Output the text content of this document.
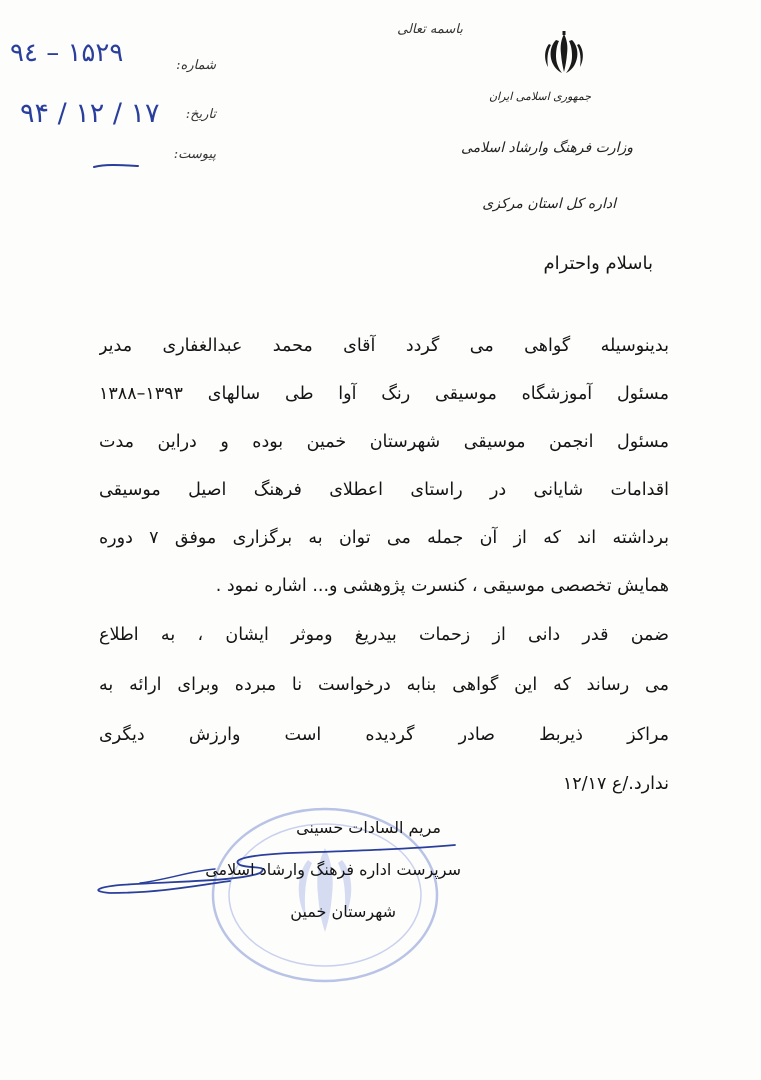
باسمه تعالی
جمهوری اسلامی ایران
وزارت فرهنگ وارشاد اسلامی
اداره کل استان مرکزی
شماره:
تاریخ:
پیوست:
۹٤ – ۱۵۲۹
۹۴ / ۱۲ / ۱۷
باسلام واحترام
بدینوسیله گواهی می گردد آقای محمد عبدالغفاری مدیر
مسئول آموزشگاه موسیقی رنگ آوا طی سالهای ۱۳۹۳–۱۳۸۸
مسئول انجمن موسیقی شهرستان خمین بوده و دراین مدت
اقدامات شایانی در راستای اعطلای فرهنگ اصیل موسیقی
برداشته اند که از آن جمله می توان به برگزاری موفق ۷ دوره
همایش تخصصی موسیقی ، کنسرت پژوهشی و... اشاره نمود .
ضمن قدر دانی از زحمات بیدریغ وموثر ایشان ، به اطلاع
می رساند که این گواهی بنابه درخواست نا مبرده وبرای ارائه به
مراکز ذیربط صادر گردیده است وارزش دیگری
ندارد./ع ۱۲/۱۷
مریم السادات حسینی
سرپرست اداره فرهنگ وارشاد اسلامی
شهرستان خمین
